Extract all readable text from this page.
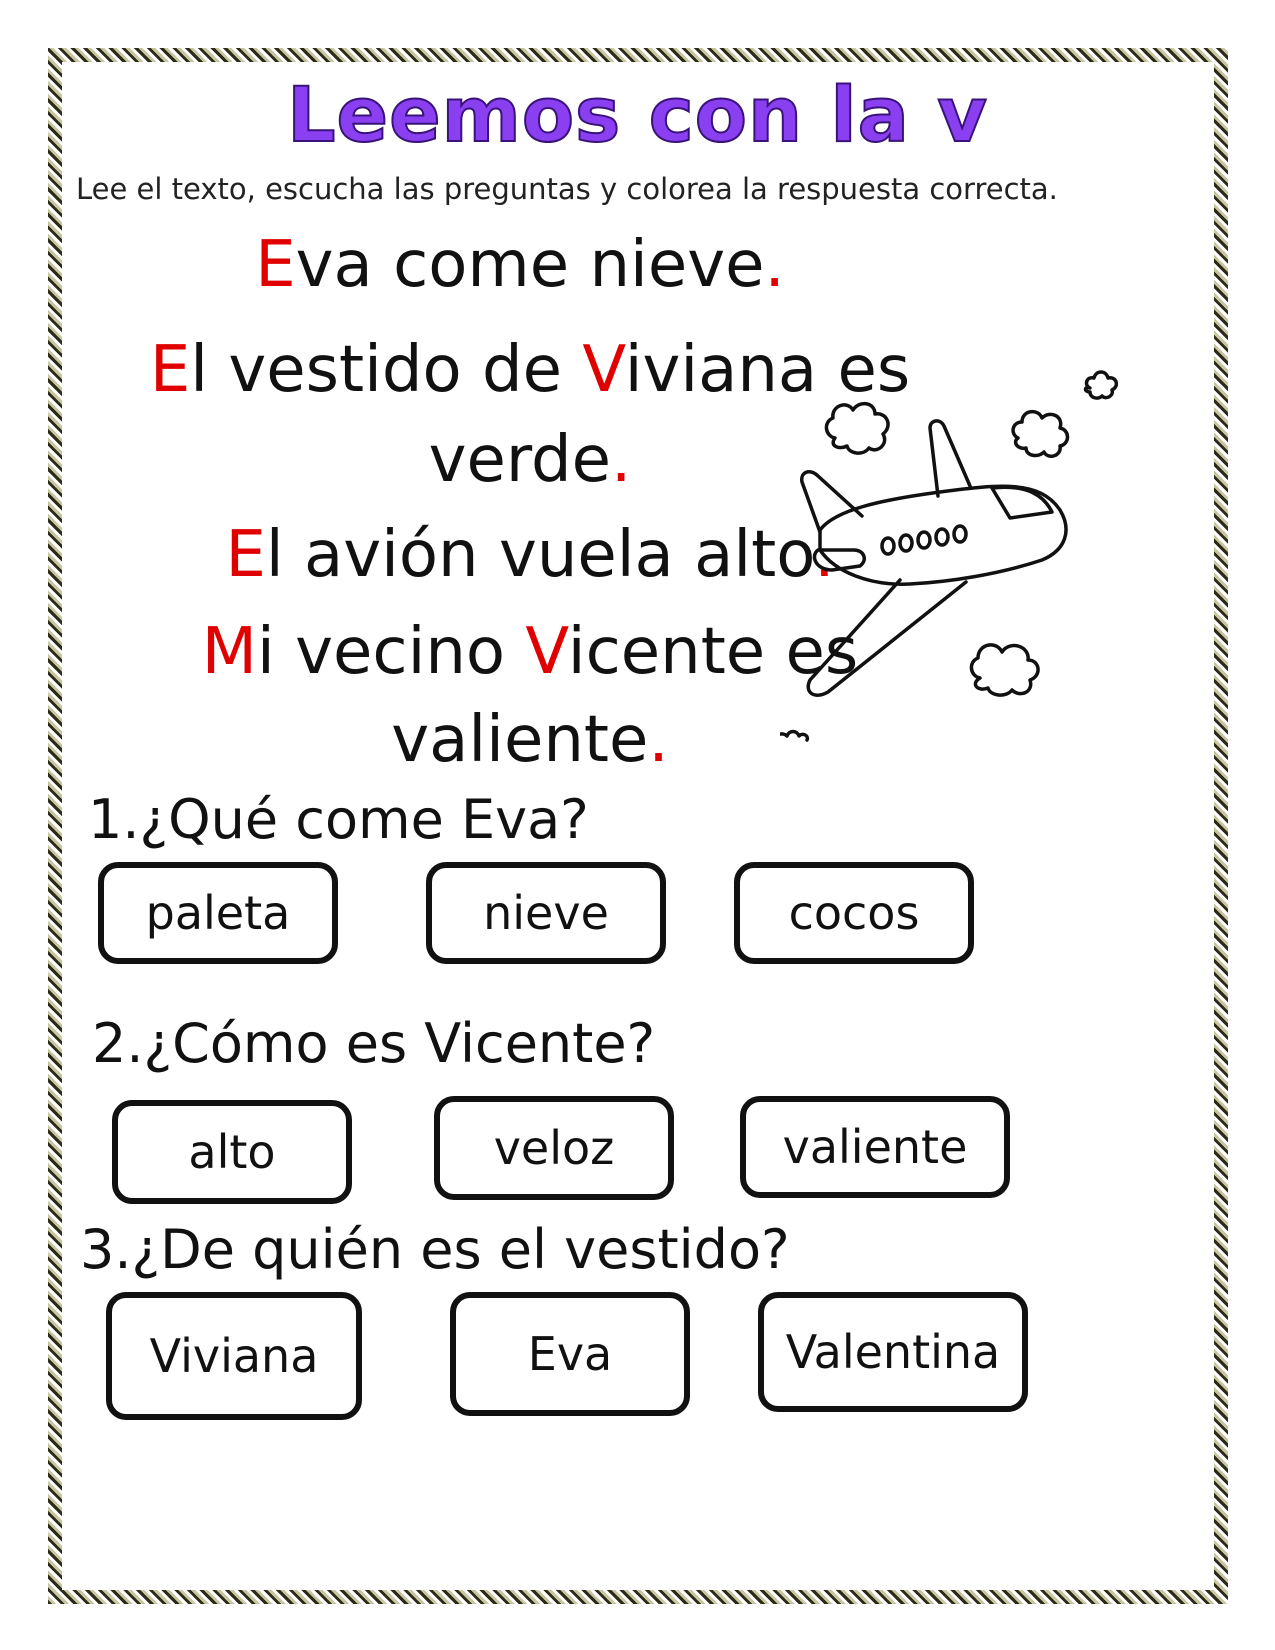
Leemos con la v
Lee el texto, escucha las preguntas y colorea la respuesta correcta.
Eva come nieve.
El vestido de Viviana es
verde.
El avión vuela alto.
Mi vecino Vicente es
valiente.
1.¿Qué come Eva?
paleta	nieve	cocos
2.¿Cómo es Vicente?
alto	veloz	valiente
3.¿De quién es el vestido?
Viviana	Eva	Valentina
